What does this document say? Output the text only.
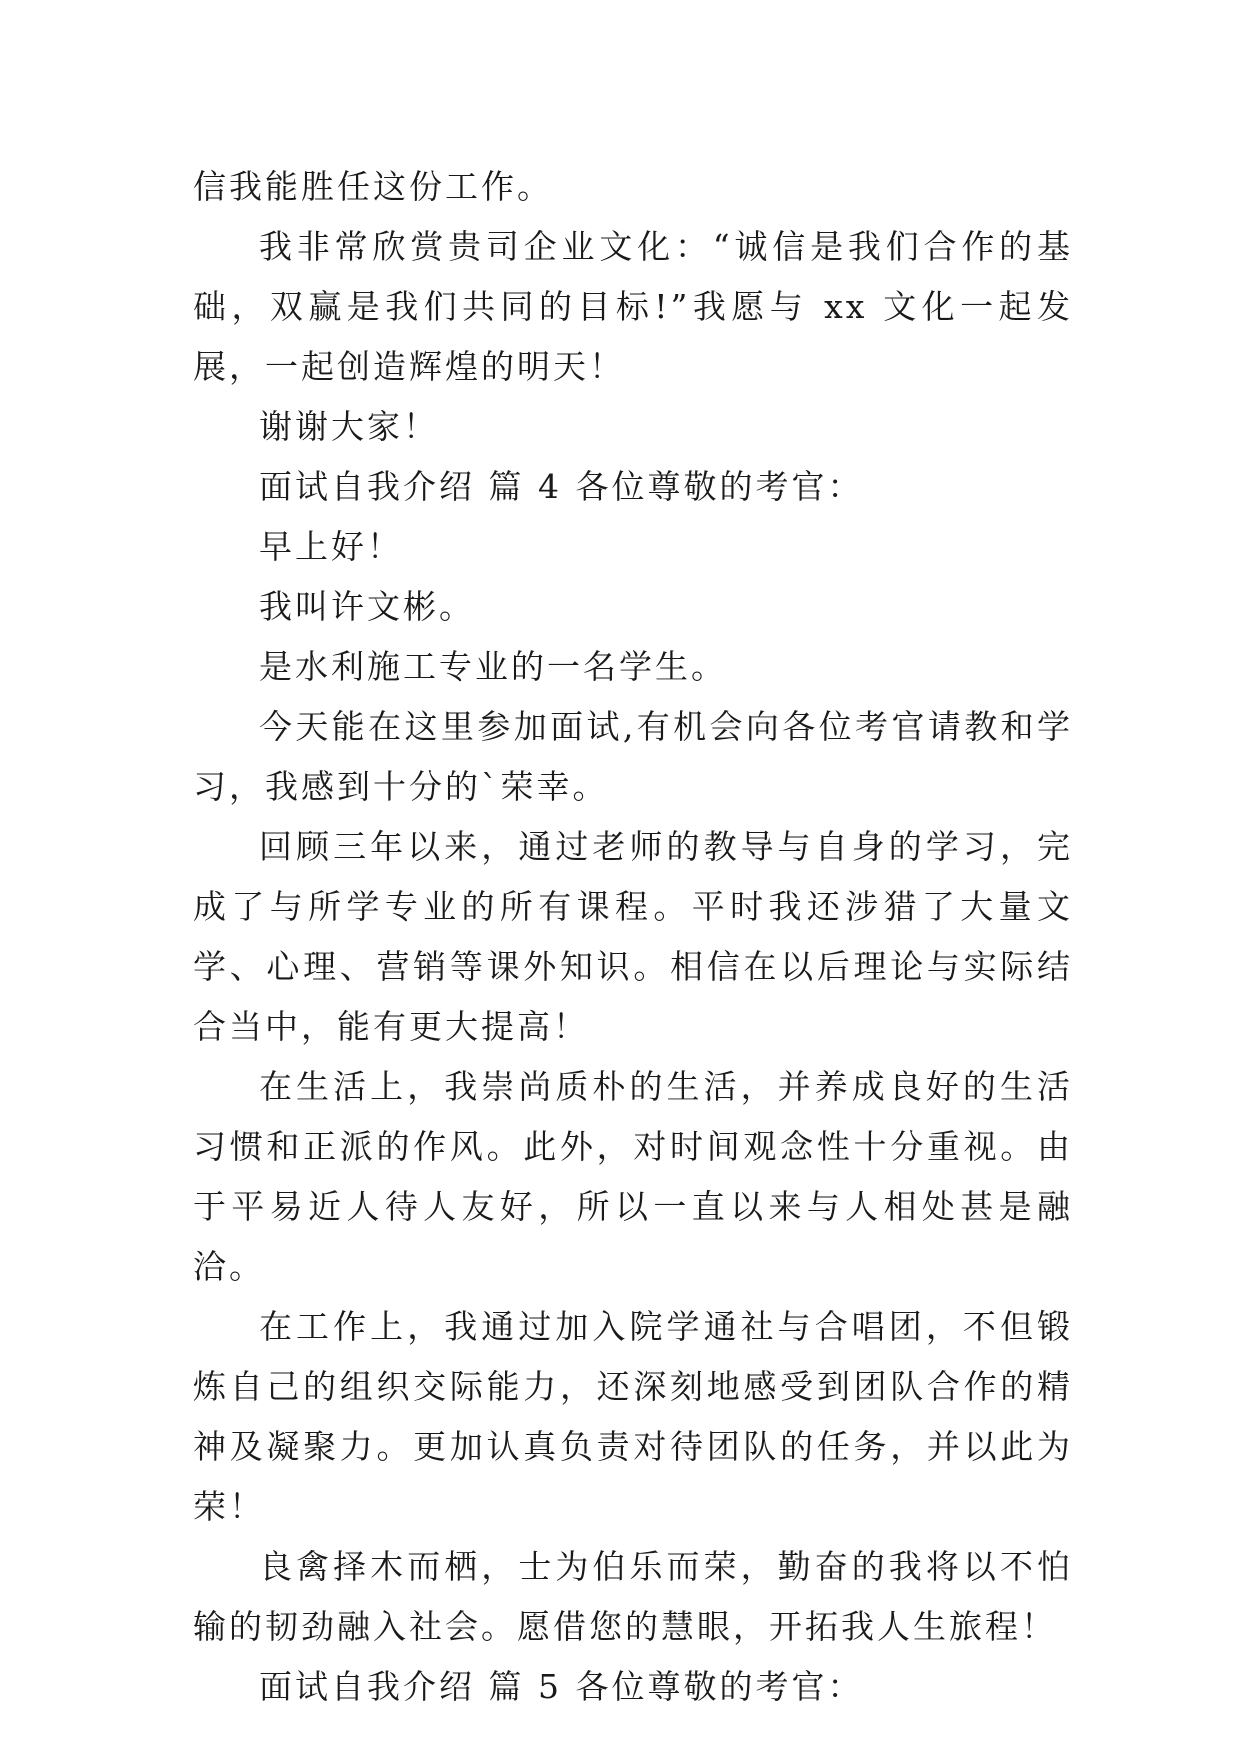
信我能胜任这份工作。

我非常欣赏贵司企业文化：“诚信是我们合作的基础，双赢是我们共同的目标!”我愿与 xx 文化一起发展，一起创造辉煌的明天！

谢谢大家！

面试自我介绍 篇 4 各位尊敬的考官：

早上好！

我叫许文彬。

是水利施工专业的一名学生。

今天能在这里参加面试,有机会向各位考官请教和学习，我感到十分的`荣幸。

回顾三年以来，通过老师的教导与自身的学习，完成了与所学专业的所有课程。平时我还涉猎了大量文学、心理、营销等课外知识。相信在以后理论与实际结合当中，能有更大提高！

在生活上，我崇尚质朴的生活，并养成良好的生活习惯和正派的作风。此外，对时间观念性十分重视。由于平易近人待人友好，所以一直以来与人相处甚是融洽。

在工作上，我通过加入院学通社与合唱团，不但锻炼自己的组织交际能力，还深刻地感受到团队合作的精神及凝聚力。更加认真负责对待团队的任务，并以此为荣！

良禽择木而栖，士为伯乐而荣，勤奋的我将以不怕输的韧劲融入社会。愿借您的慧眼，开拓我人生旅程！

面试自我介绍 篇 5 各位尊敬的考官：
